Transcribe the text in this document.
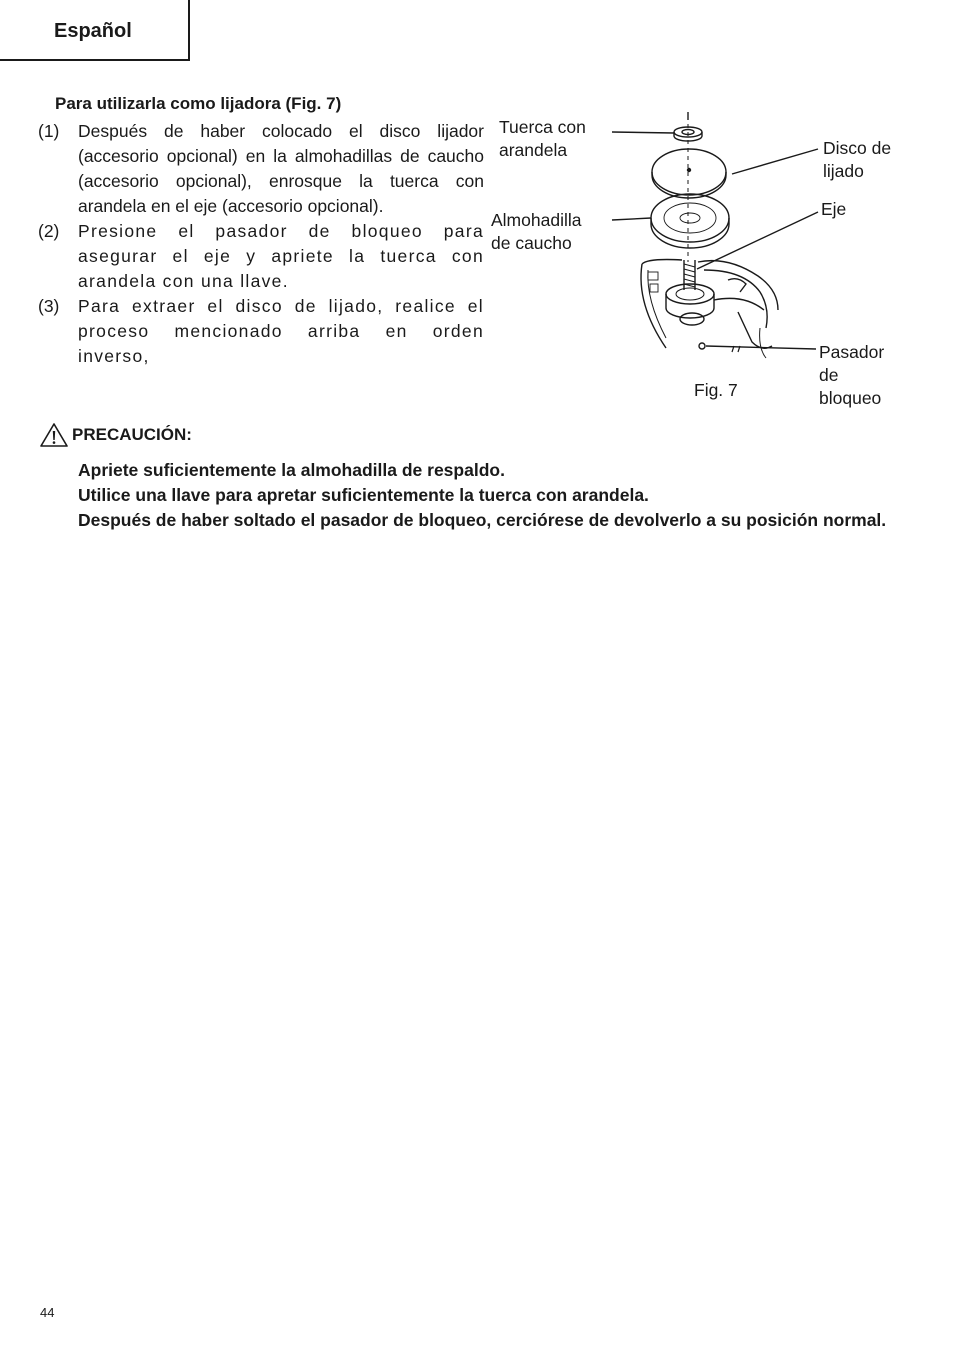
Español
Para utilizarla como lijadora (Fig. 7)
(1) Después de haber colocado el disco lijador (accesorio opcional) en la almohadillas de caucho (accesorio opcional), enrosque la tuerca con arandela en el eje (accesorio opcional).
(2) Presione el pasador de bloqueo para asegurar el eje y apriete la tuerca con arandela con una llave.
(3) Para extraer el disco de lijado, realice el proceso mencionado arriba en orden inverso,
Tuerca con
arandela	Disco de
lijado
Almohadilla
de caucho
Eje
Pasador
de
bloqueo
Fig. 7
PRECAUCIÓN:

Apriete suficientemente la almohadilla de respaldo.

Utilice una llave para apretar suficientemente la tuerca con arandela.

Después de haber soltado el pasador de bloqueo, cerciórese de devolverlo a su posición normal.

44
